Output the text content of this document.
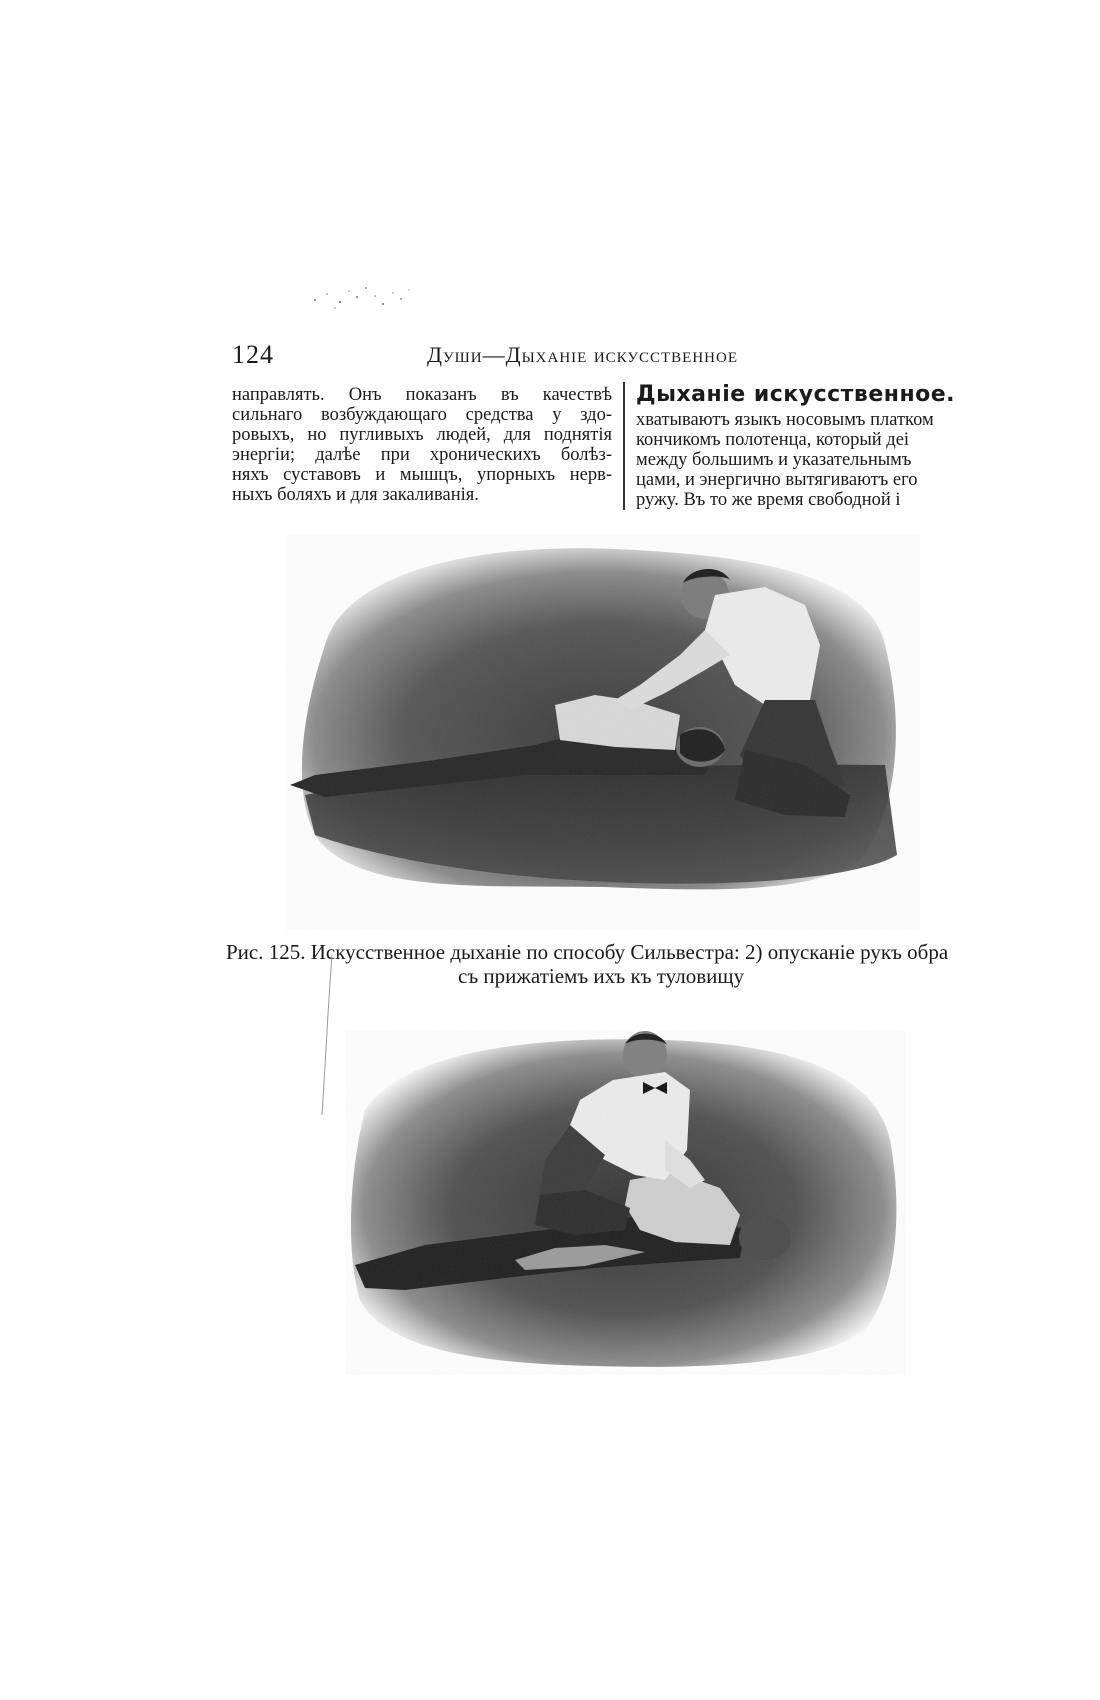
124	Души—Дыханіе искусственное

направлять. Онъ показанъ въ качествѣ
сильнаго возбуждающаго средства у здо-
ровыхъ, но пугливыхъ людей, для поднятія
энергіи; далѣе при хроническихъ болѣз-
няхъ суставовъ и мышцъ, упорныхъ нерв-
ныхъ боляхъ и для закаливанія.

Дыханіе искусственное.
хватываютъ языкъ носовымъ платком
кончикомъ полотенца, который деі
между большимъ и указательнымъ
цами, и энергично вытягиваютъ его
ружу. Въ то же время свободной і
Рис. 125. Искусственное дыханіе по способу Сильвестра: 2) опусканіе рукъ обра
съ прижатіемъ ихъ къ туловищу
